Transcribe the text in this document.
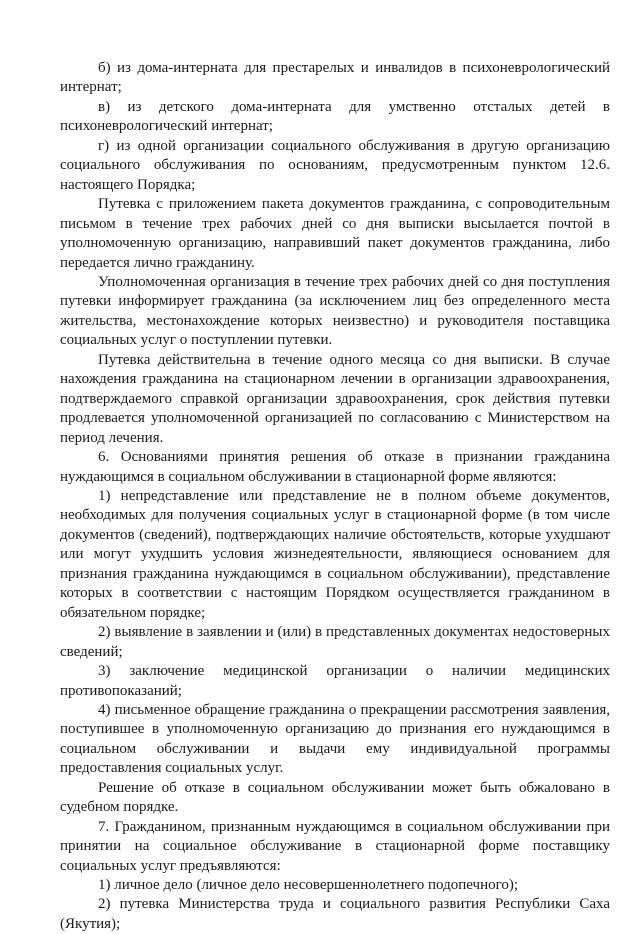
б) из дома-интерната для престарелых и инвалидов в психоневрологический интернат;

в) из детского дома-интерната для умственно отсталых детей в психоневрологический интернат;

г) из одной организации социального обслуживания в другую организацию социального обслуживания по основаниям, предусмотренным пунктом 12.6. настоящего Порядка;

Путевка с приложением пакета документов гражданина, с сопроводительным письмом в течение трех рабочих дней со дня выписки высылается почтой в уполномоченную организацию, направивший пакет документов гражданина, либо передается лично гражданину.

Уполномоченная организация в течение трех рабочих дней со дня поступления путевки информирует гражданина (за исключением лиц без определенного места жительства, местонахождение которых неизвестно) и руководителя поставщика социальных услуг о поступлении путевки.

Путевка действительна в течение одного месяца со дня выписки. В случае нахождения гражданина на стационарном лечении в организации здравоохранения, подтверждаемого справкой организации здравоохранения, срок действия путевки продлевается уполномоченной организацией по согласованию с Министерством на период лечения.

6. Основаниями принятия решения об отказе в признании гражданина нуждающимся в социальном обслуживании в стационарной форме являются:

1) непредставление или представление не в полном объеме документов, необходимых для получения социальных услуг в стационарной форме (в том числе документов (сведений), подтверждающих наличие обстоятельств, которые ухудшают или могут ухудшить условия жизнедеятельности, являющиеся основанием для признания гражданина нуждающимся в социальном обслуживании), представление которых в соответствии с настоящим Порядком осуществляется гражданином в обязательном порядке;

2) выявление в заявлении и (или) в представленных документах недостоверных сведений;

3) заключение медицинской организации о наличии медицинских противопоказаний;

4) письменное обращение гражданина о прекращении рассмотрения заявления, поступившее в уполномоченную организацию до признания его нуждающимся в социальном обслуживании и выдачи ему индивидуальной программы предоставления социальных услуг.

Решение об отказе в социальном обслуживании может быть обжаловано в судебном порядке.

7. Гражданином, признанным нуждающимся в социальном обслуживании при принятии на социальное обслуживание в стационарной форме поставщику социальных услуг предъявляются:

1) личное дело (личное дело несовершеннолетнего подопечного);

2) путевка Министерства труда и социального развития Республики Саха (Якутия);
